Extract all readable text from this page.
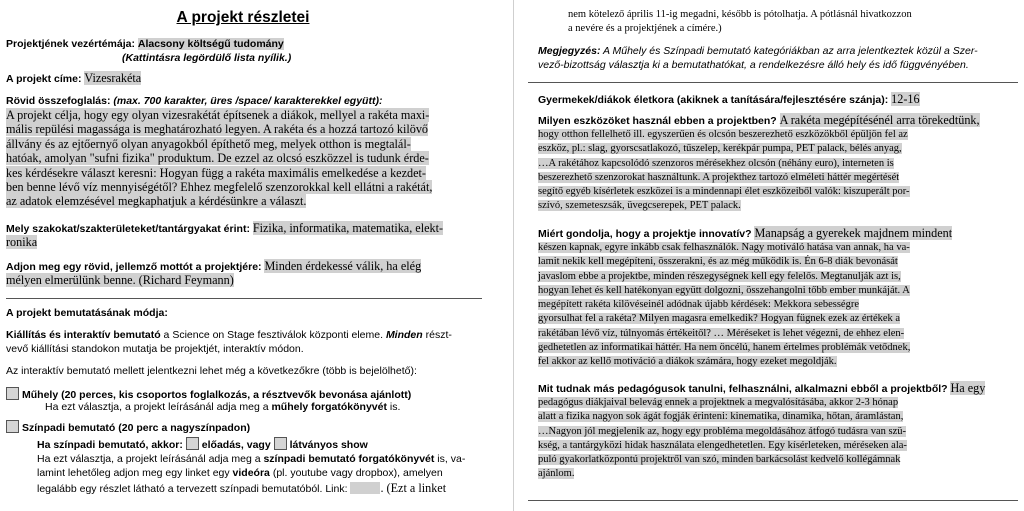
A projekt részletei
Projektjének vezértémája: Alacsony költségű tudomány
(Kattintásra legördülő lista nyílik.)
A projekt címe: Vizesrakéta
Rövid összefoglalás: (max. 700 karakter, üres /space/ karakterekkel együtt):
A projekt célja, hogy egy olyan vizesrakétát építsenek a diákok, mellyel a rakéta maxi-
mális repülési magassága is meghatározható legyen. A rakéta és a hozzá tartozó kilövő
állvány és az ejtőernyő olyan anyagokból építhető meg, melyek otthon is megtalál-
hatóak, amolyan "sufni fizika" produktum. De ezzel az olcsó eszközzel is tudunk érde-
kes kérdésekre választ keresni: Hogyan függ a rakéta maximális emelkedése a kezdet-
ben benne lévő víz mennyiségétől? Ehhez megfelelő szenzorokkal kell ellátni a rakétát,
az adatok elemzésével megkaphatjuk a kérdésünkre a választ.
Mely szakokat/szakterületeket/tantárgyakat érint: Fizika, informatika, matematika, elekt-
ronika
Adjon meg egy rövid, jellemző mottót a projektjére: Minden érdekessé válik, ha elég
mélyen elmerülünk benne. (Richard Feymann)
A projekt bemutatásának módja:
Kiállítás és interaktív bemutató a Science on Stage fesztiválok központi eleme. Minden részt-
vevő kiállítási standokon mutatja be projektjét, interaktív módon.
Az interaktív bemutató mellett jelentkezni lehet még a következőkre (több is bejelölhető):
Műhely (20 perces, kis csoportos foglalkozás, a résztvevők bevonása ajánlott)
Ha ezt választja, a projekt leírásánál adja meg a műhely forgatókönyvét is.
Színpadi bemutató (20 perc a nagyszínpadon)
Ha színpadi bemutató, akkor: előadás, vagy látványos show
Ha ezt választja, a projekt leírásánál adja meg a színpadi bemutató forgatókönyvét is, va-
lamint lehetőleg adjon meg egy linket egy videóra (pl. youtube vagy dropbox), amelyen
legalább egy részlet látható a tervezett színpadi bemutatóból. Link:	. (Ezt a linket
nem kötelező április 11-ig megadni, később is pótolhatja. A pótlásnál hivatkozzon
a nevére és a projektjének a címére.)
Megjegyzés: A Műhely és Színpadi bemutató kategóriákban az arra jelentkeztek közül a Szer-
vező-bizottság választja ki a bemutathatókat, a rendelkezésre álló hely és idő függvényében.
Gyermekek/diákok életkora (akiknek a tanítására/fejlesztésére szánja): 12-16
Milyen eszközöket használ ebben a projektben? A rakéta megépítésénél arra törekedtünk,
hogy otthon fellelhető ill. egyszerűen és olcsón beszerezhető eszközökből épüljön fel az
eszköz, pl.: slag, gyorscsatlakozó, tűszelep, kerékpár pumpa, PET palack, bélés anyag,
…A rakétához kapcsolódó szenzoros mérésekhez olcsón (néhány euro), interneten is
beszerezhető szenzorokat használtunk. A projekthez tartozó elméleti háttér megértését
segítő egyéb kísérletek eszközei is a mindennapi élet eszközeiből valók: kiszuperált por-
szívó, szemeteszsák, üvegcserepek, PET palack.
Miért gondolja, hogy a projektje innovatív? Manapság a gyerekek majdnem mindent
készen kapnak, egyre inkább csak felhasználók. Nagy motiváló hatása van annak, ha va-
lamit nekik kell megépíteni, összerakni, és az még működik is. Én 6-8 diák bevonását
javaslom ebbe a projektbe, minden részegységnek kell egy felelős. Megtanulják azt is,
hogyan lehet és kell hatékonyan együtt dolgozni, összehangolni tőbb ember munkáját. A
megépített rakéta kilövéseinél adódnak újabb kérdések: Mekkora sebességre
gyorsulhat fel a rakéta? Milyen magasra emelkedik? Hogyan fügnek ezek az értékek a
rakétában lévő víz, túlnyomás értékeitől? … Méréseket is lehet végezni, de ehhez elen-
gedhetetlen az informatikai háttér. Ha nem öncélú, hanem értelmes problémák vetődnek,
fel akkor az kellő motiváció a diákok számára, hogy ezeket megoldják.
Mit tudnak más pedagógusok tanulni, felhasználni, alkalmazni ebből a projektből? Ha egy
pedagógus diákjaival belevág ennek a projektnek a megvalósításába, akkor 2-3 hónap
alatt a fizika nagyon sok ágát fogják érinteni: kinematika, dinamika, hőtan, áramlástan,
…Nagyon jól megjelenik az, hogy egy probléma megoldásához átfogó tudásra van szü-
kség, a tantárgyközi hidak használata elengedhetetlen. Egy kísérleteken, méréseken ala-
puló gyakorlatközpontú projektről van szó, minden barkácsolást kedvelő kollégámnak
ajánlom.
